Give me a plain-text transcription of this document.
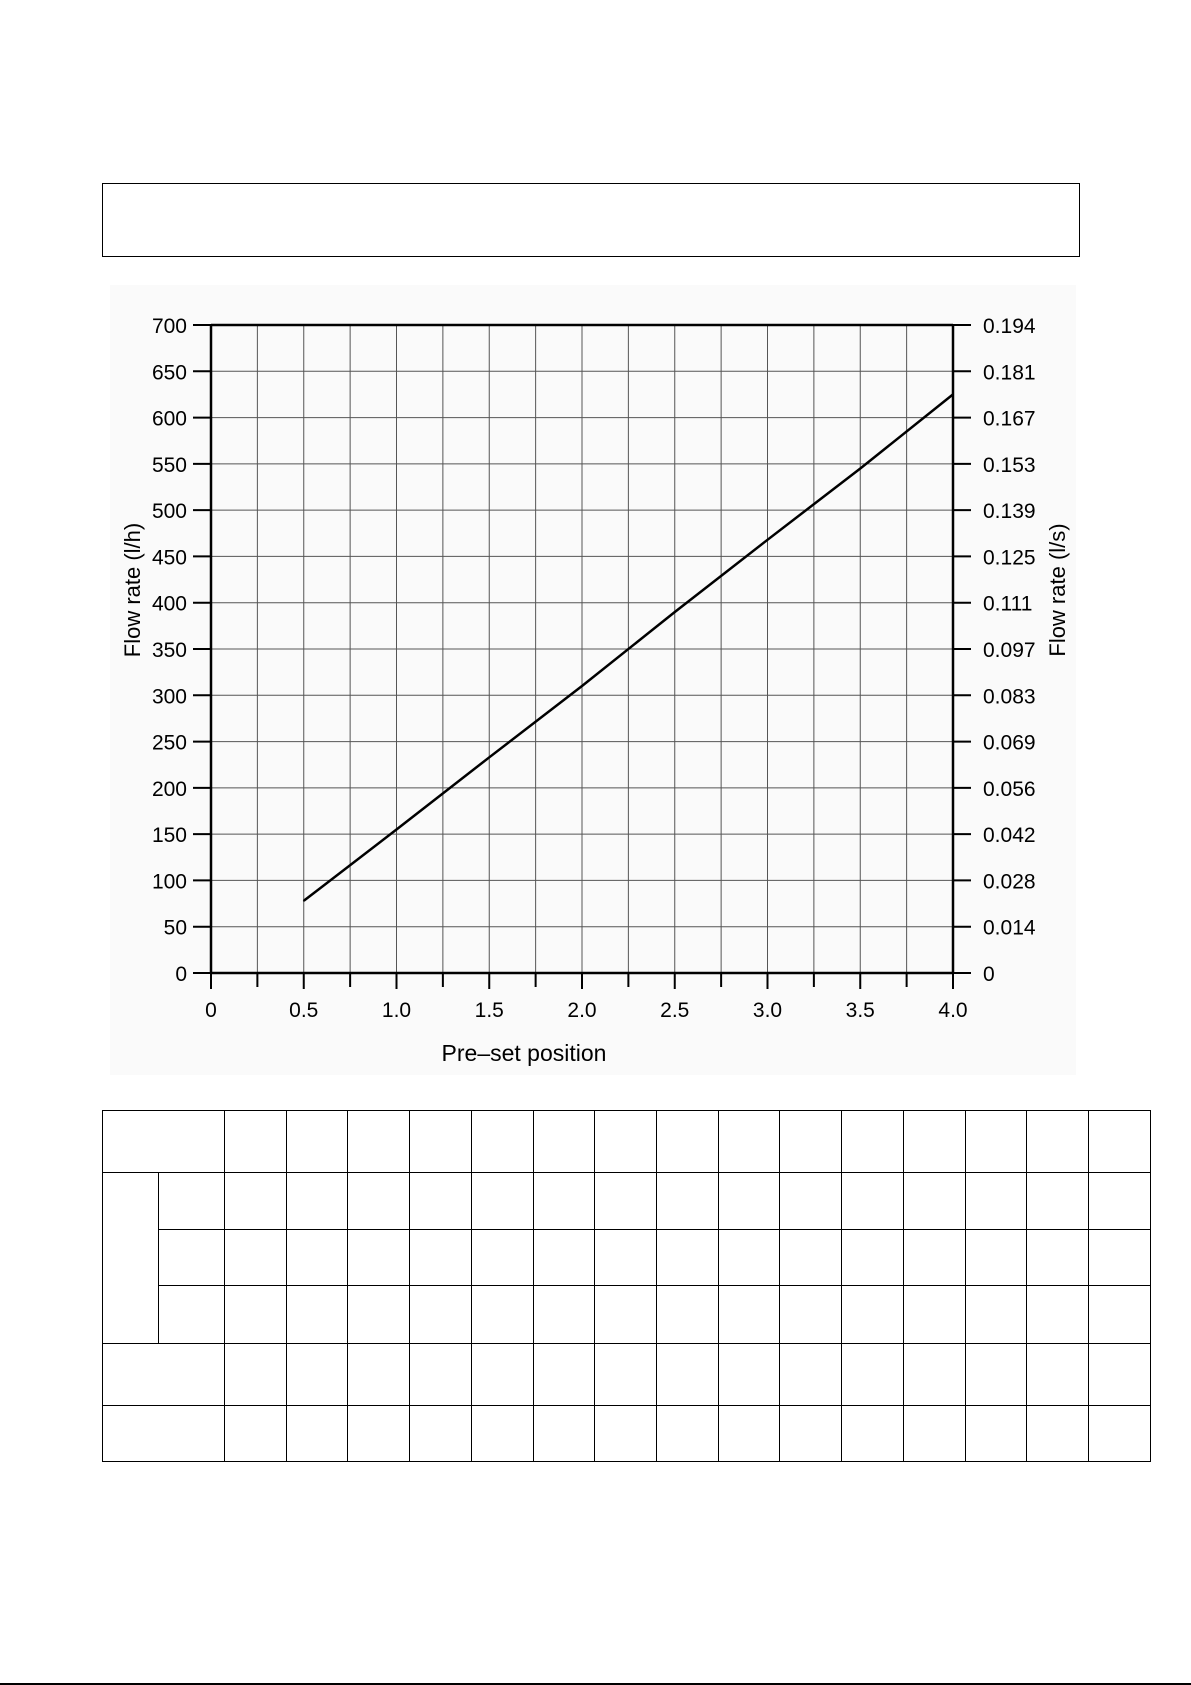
700
650
600
550
500
450
400
350
300
250
200
150
100
50
0
0.194
0.181
0.167
0.153
0.139
0.125
0.111
0.097
0.083
0.069
0.056
0.042
0.028
0.014
0
0	0.5	1.0	1.5	2.0	2.5	3.0	3.5	4.0
Pre–set position
Flow rate (l/h)	Flow rate (l/s)
